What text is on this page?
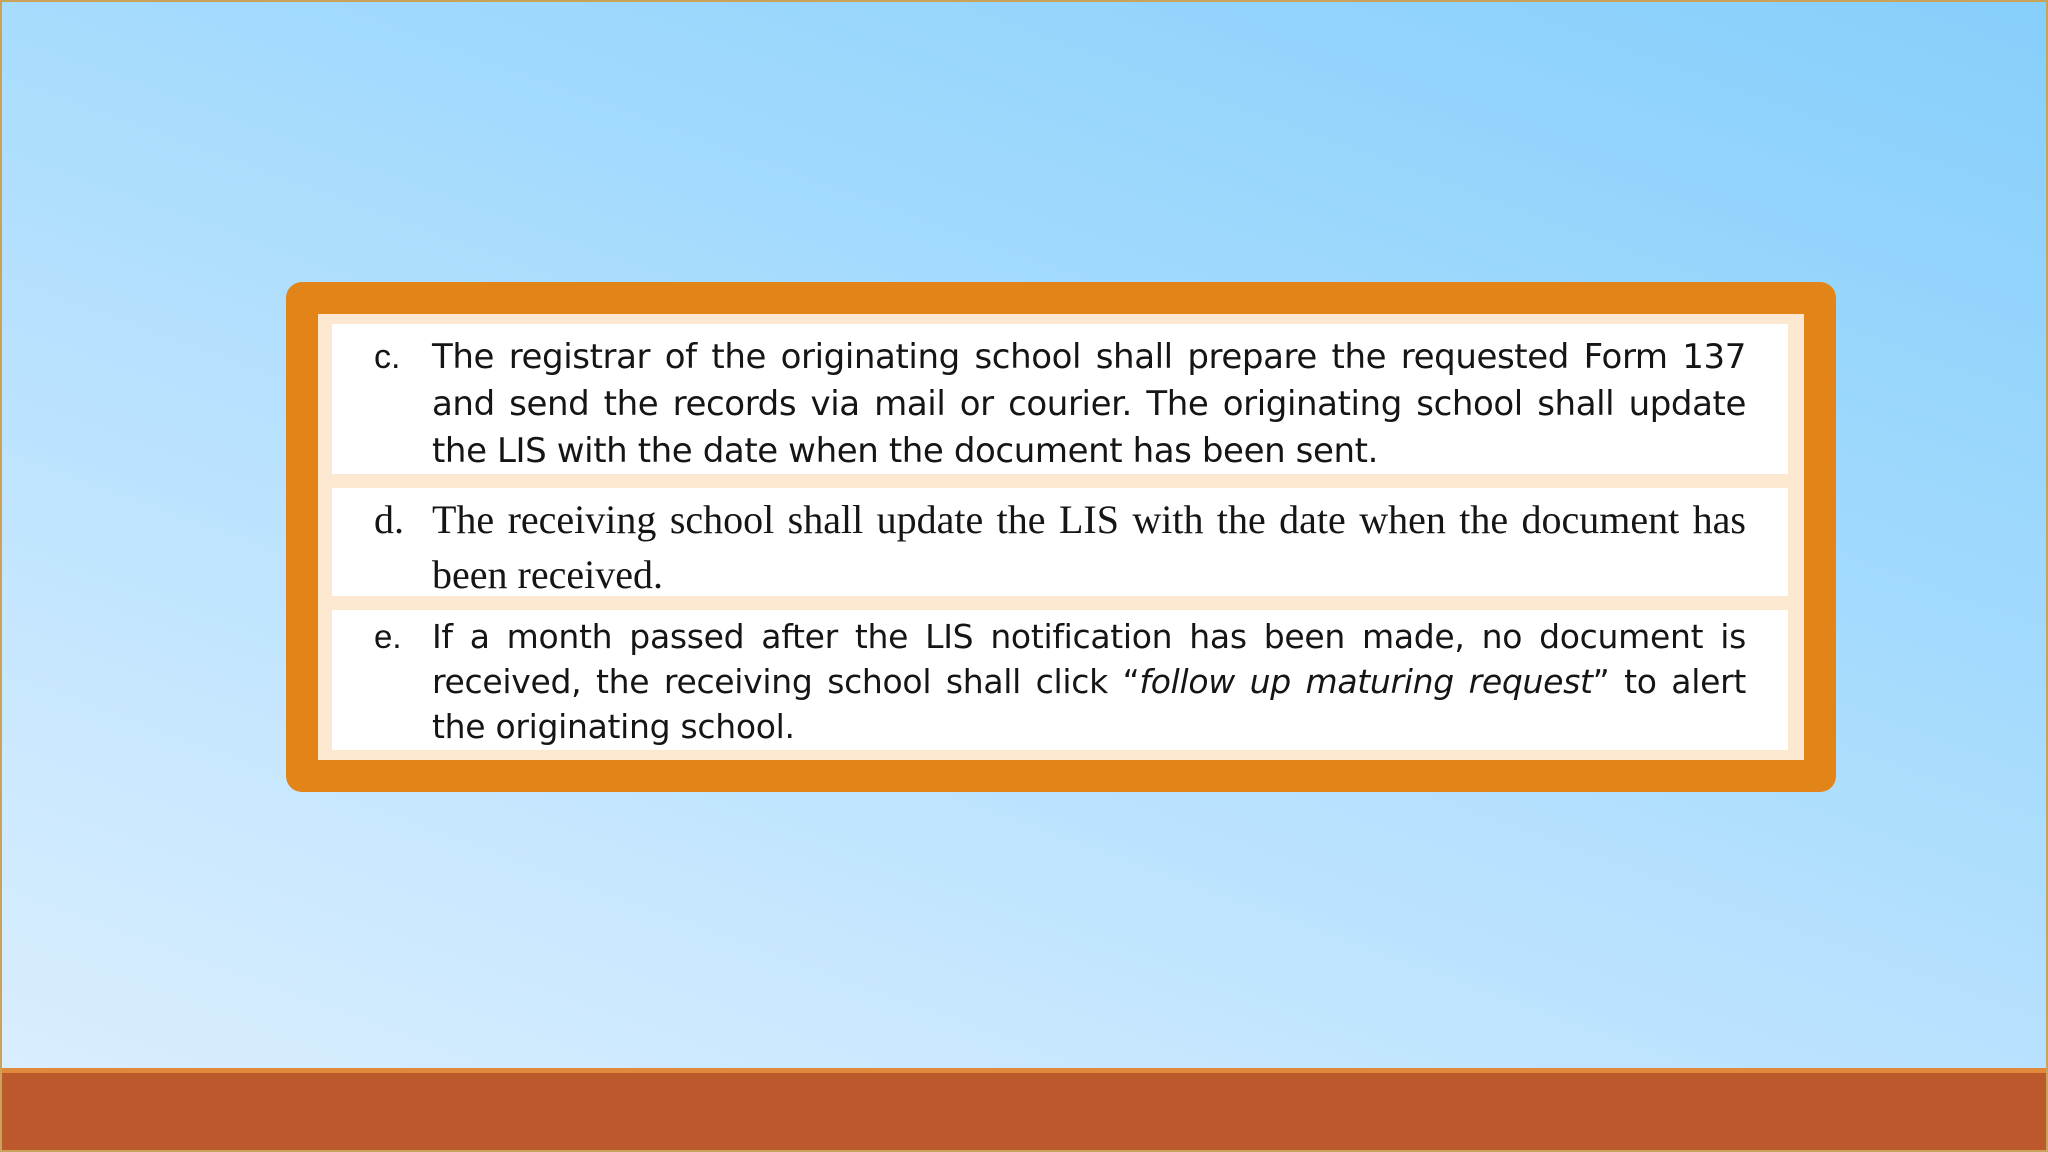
c. The registrar of the originating school shall prepare the requested Form 137 and send the records via mail or courier. The originating school shall update the LIS with the date when the document has been sent.
d. The receiving school shall update the LIS with the date when the document has been received.
e. If a month passed after the LIS notification has been made, no document is received, the receiving school shall click “follow up maturing request” to alert the originating school.
